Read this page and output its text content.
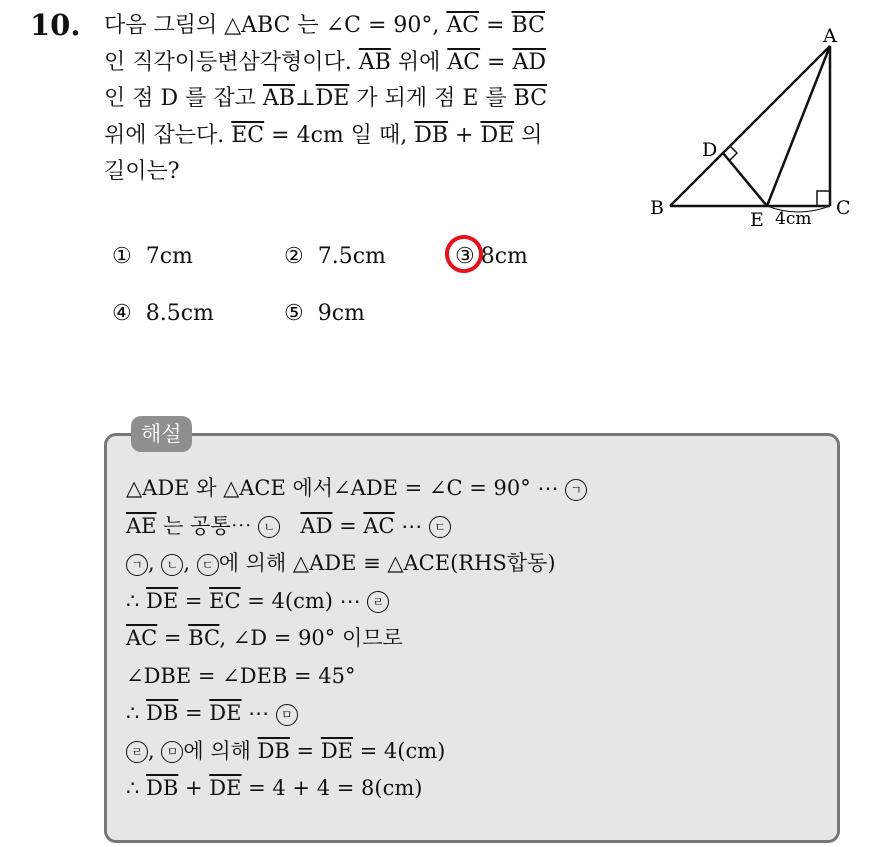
10. 다음 그림의 △ABC 는 ∠C = 90°, $\overline{AC} = \overline{BC}$
인 직각이등변삼각형이다. $\overline{AB}$ 위에 $\overline{AC} = \overline{AD}$
인 점 D 를 잡고 $\overline{AB}\perp\overline{DE}$ 가 되게 점 E 를 $\overline{BC}$
위에 잡는다. $\overline{EC} = 4cm$ 일 때, $\overline{DB} + \overline{DE}$ 의
길이는?
A
B	C
D
E 4cm
① 7cm	② 7.5cm	③ 8cm
④ 8.5cm	⑤ 9cm
해설
△ADE 와 △ACE 에서∠ADE = ∠C = 90° ⋯ ㄱ
$\overline{AE}$ 는 공통⋯ ㄴ $\overline{AD} = \overline{AC}$ ⋯ ㄷ
ㄱ , ㄴ , ㄷ 에 의해 △ADE ≡ △ACE(RHS합동)
∴ $\overline{DE} = \overline{EC} = 4(cm)$ ⋯ ㄹ
$\overline{AC} = \overline{BC}$, ∠D = 90° 이므로
∠DBE = ∠DEB = 45°
∴ $\overline{DB} = \overline{DE}$ ⋯ ㅁ
ㄹ , ㅁ 에 의해 $\overline{DB} = \overline{DE} = 4(cm)$
∴ $\overline{DB} + \overline{DE} = 4 + 4 = 8(cm)$
